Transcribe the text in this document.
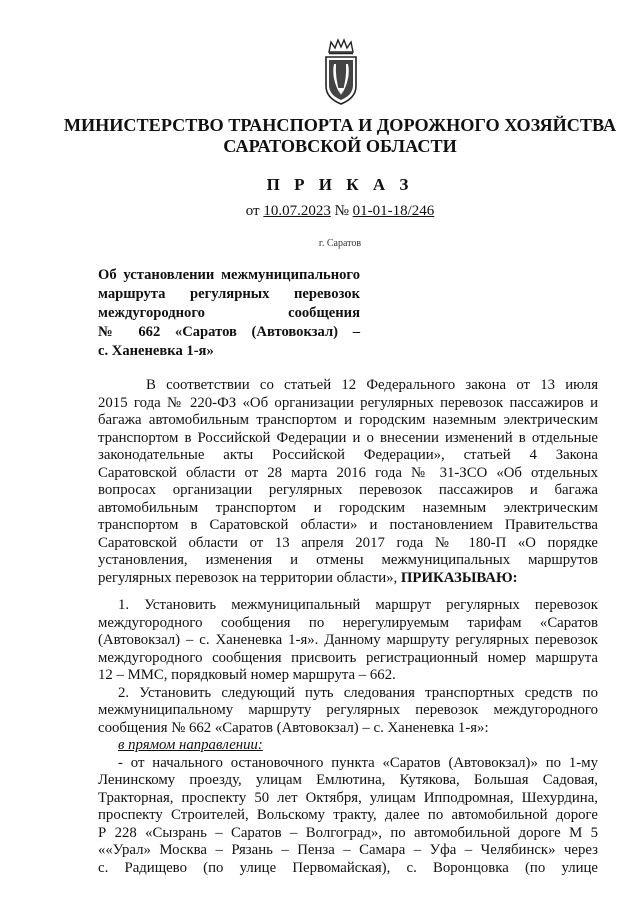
МИНИСТЕРСТВО ТРАНСПОРТА И ДОРОЖНОГО ХОЗЯЙСТВА
САРАТОВСКОЙ ОБЛАСТИ
П Р И К А З
от 10.07.2023 № 01-01-18/246
г. Саратов
Об установлении межмуниципального
маршрута регулярных перевозок
междугородного сообщения
№ 662 «Саратов (Автовокзал) –
с. Ханеневка 1-я»
В соответствии со статьей 12 Федерального закона от 13 июля
2015 года № 220-ФЗ «Об организации регулярных перевозок пассажиров и
багажа автомобильным транспортом и городским наземным электрическим
транспортом в Российской Федерации и о внесении изменений в отдельные
законодательные акты Российской Федерации», статьей 4 Закона
Саратовской области от 28 марта 2016 года № 31-ЗСО «Об отдельных
вопросах организации регулярных перевозок пассажиров и багажа
автомобильным транспортом и городским наземным электрическим
транспортом в Саратовской области» и постановлением Правительства
Саратовской области от 13 апреля 2017 года № 180-П «О порядке
установления, изменения и отмены межмуниципальных маршрутов
регулярных перевозок на территории области», ПРИКАЗЫВАЮ:
1. Установить межмуниципальный маршрут регулярных перевозок
междугородного сообщения по нерегулируемым тарифам «Саратов
(Автовокзал) – с. Ханеневка 1-я». Данному маршруту регулярных перевозок
междугородного сообщения присвоить регистрационный номер маршрута
12 – ММС, порядковый номер маршрута – 662.
2. Установить следующий путь следования транспортных средств по
межмуниципальному маршруту регулярных перевозок междугородного
сообщения № 662 «Саратов (Автовокзал) – с. Ханеневка 1-я»:
в прямом направлении:
- от начального остановочного пункта «Саратов (Автовокзал)» по 1-му
Ленинскому проезду, улицам Емлютина, Кутякова, Большая Садовая,
Тракторная, проспекту 50 лет Октября, улицам Ипподромная, Шехурдина,
проспекту Строителей, Вольскому тракту, далее по автомобильной дороге
Р 228 «Сызрань – Саратов – Волгоград», по автомобильной дороге М 5
««Урал» Москва – Рязань – Пенза – Самара – Уфа – Челябинск» через
с. Радищево (по улице Первомайская), с. Воронцовка (по улице
